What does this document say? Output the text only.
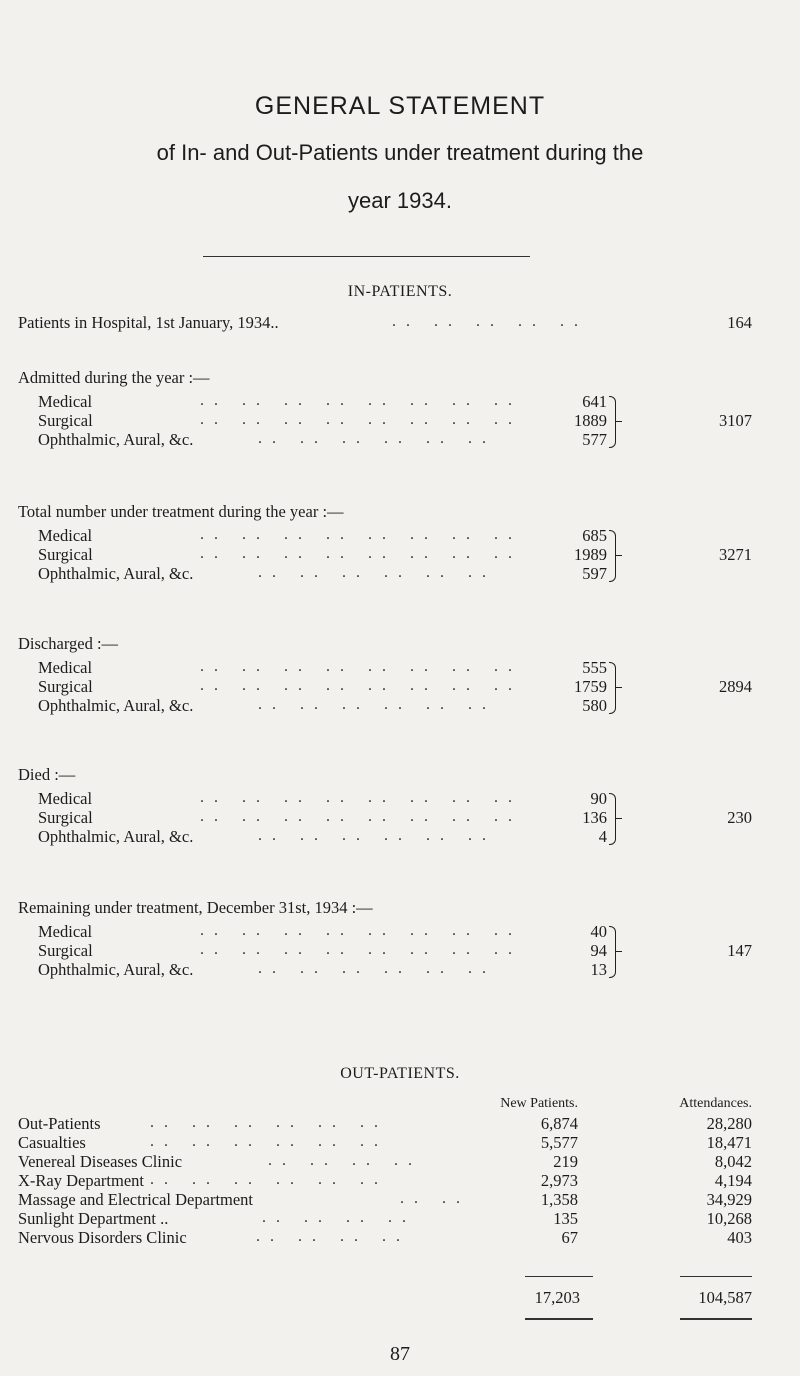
GENERAL STATEMENT
of In- and Out-Patients under treatment during the
year 1934.
IN-PATIENTS.
Patients in Hospital, 1st January, 1934..	.. .. .. .. ..	164
Admitted during the year :—
Medical	.. .. .. .. .. .. .. ..	641
Surgical	.. .. .. .. .. .. .. ..	1889
Ophthalmic, Aural, &c.	.. .. .. .. .. ..	577
3107
Total number under treatment during the year :—
Medical	.. .. .. .. .. .. .. ..	685
Surgical	.. .. .. .. .. .. .. ..	1989
Ophthalmic, Aural, &c.	.. .. .. .. .. ..	597
3271
Discharged :—
Medical	.. .. .. .. .. .. .. ..	555
Surgical	.. .. .. .. .. .. .. ..	1759
Ophthalmic, Aural, &c.	.. .. .. .. .. ..	580
2894
Died :—
Medical	.. .. .. .. .. .. .. ..	90
Surgical	.. .. .. .. .. .. .. ..	136
Ophthalmic, Aural, &c.	.. .. .. .. .. ..	4
230
Remaining under treatment, December 31st, 1934 :—
Medical	.. .. .. .. .. .. .. ..	40
Surgical	.. .. .. .. .. .. .. ..	94
Ophthalmic, Aural, &c.	.. .. .. .. .. ..	13
147
OUT-PATIENTS.
New Patients.	Attendances.
Out-Patients	.. .. .. .. .. ..	6,874	28,280
Casualties	.. .. .. .. .. ..	5,577	18,471
Venereal Diseases Clinic	.. .. .. ..	219	8,042
X-Ray Department .. .. .. .. .. ..	2,973	4,194
Massage and Electrical Department	.. ..	1,358	34,929
Sunlight Department ..	.. .. .. ..	135	10,268
Nervous Disorders Clinic	.. .. .. ..	67	403
17,203	104,587
87
